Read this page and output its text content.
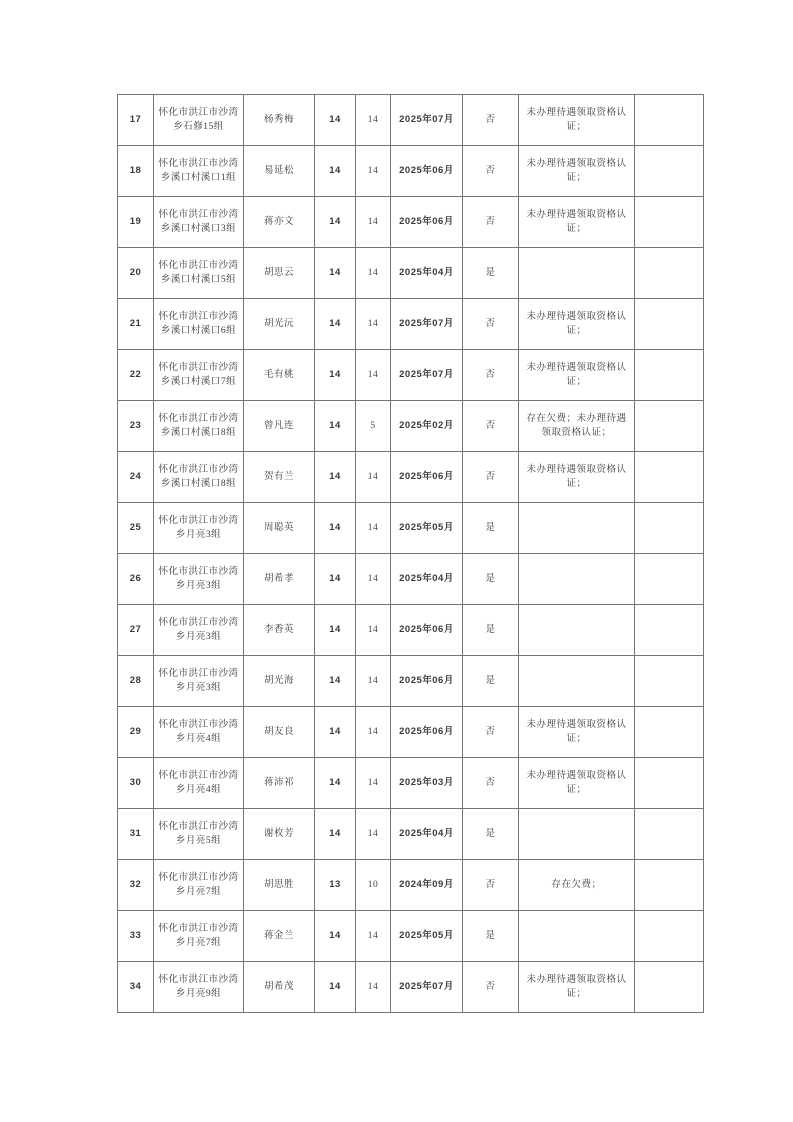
17	怀化市洪江市沙湾乡石修15组	杨秀梅	14	14	2025年07月	否	未办理待遇领取资格认证；	
18	怀化市洪江市沙湾乡溪口村溪口1组	易延松	14	14	2025年06月	否	未办理待遇领取资格认证；	
19	怀化市洪江市沙湾乡溪口村溪口3组	蒋亦文	14	14	2025年06月	否	未办理待遇领取资格认证；	
20	怀化市洪江市沙湾乡溪口村溪口5组	胡思云	14	14	2025年04月	是		
21	怀化市洪江市沙湾乡溪口村溪口6组	胡光沅	14	14	2025年07月	否	未办理待遇领取资格认证；	
22	怀化市洪江市沙湾乡溪口村溪口7组	毛有桃	14	14	2025年07月	否	未办理待遇领取资格认证；	
23	怀化市洪江市沙湾乡溪口村溪口8组	曾凡连	14	5	2025年02月	否	存在欠费；未办理待遇领取资格认证；	
24	怀化市洪江市沙湾乡溪口村溪口8组	贺有兰	14	14	2025年06月	否	未办理待遇领取资格认证；	
25	怀化市洪江市沙湾乡月亮3组	周聪英	14	14	2025年05月	是		
26	怀化市洪江市沙湾乡月亮3组	胡希孝	14	14	2025年04月	是		
27	怀化市洪江市沙湾乡月亮3组	李香英	14	14	2025年06月	是		
28	怀化市洪江市沙湾乡月亮3组	胡光海	14	14	2025年06月	是		
29	怀化市洪江市沙湾乡月亮4组	胡友良	14	14	2025年06月	否	未办理待遇领取资格认证；	
30	怀化市洪江市沙湾乡月亮4组	蒋沛祁	14	14	2025年03月	否	未办理待遇领取资格认证；	
31	怀化市洪江市沙湾乡月亮5组	谢枚芳	14	14	2025年04月	是		
32	怀化市洪江市沙湾乡月亮7组	胡思胜	13	10	2024年09月	否	存在欠费；	
33	怀化市洪江市沙湾乡月亮7组	蒋金兰	14	14	2025年05月	是		
34	怀化市洪江市沙湾乡月亮9组	胡希茂	14	14	2025年07月	否	未办理待遇领取资格认证；	
